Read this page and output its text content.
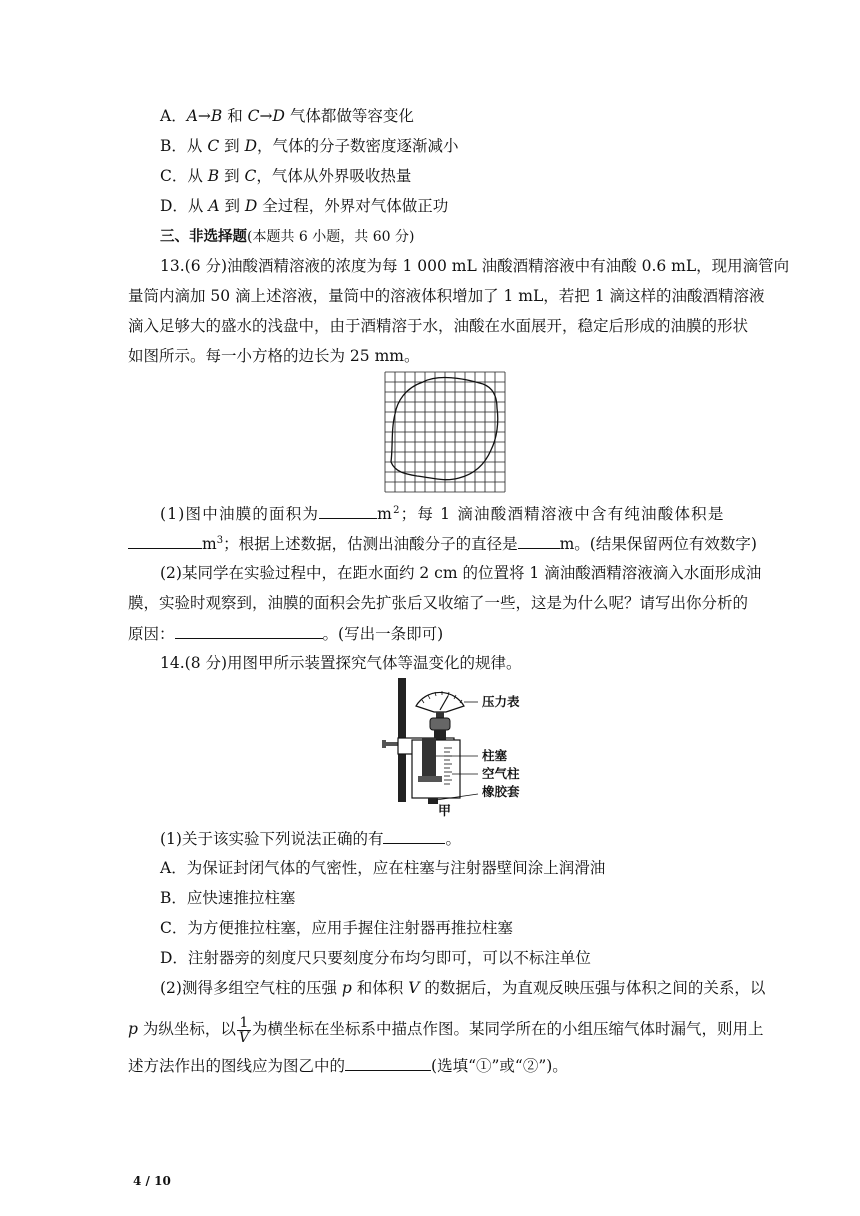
A．A→B 和 C→D 气体都做等容变化
B．从 C 到 D，气体的分子数密度逐渐减小
C．从 B 到 C，气体从外界吸收热量
D．从 A 到 D 全过程，外界对气体做正功
三、非选择题(本题共 6 小题，共 60 分)
13.(6 分)油酸酒精溶液的浓度为每 1 000 mL 油酸酒精溶液中有油酸 0.6 mL，现用滴管向
量筒内滴加 50 滴上述溶液，量筒中的溶液体积增加了 1 mL，若把 1 滴这样的油酸酒精溶液
滴入足够大的盛水的浅盘中，由于酒精溶于水，油酸在水面展开，稳定后形成的油膜的形状
如图所示。每一小方格的边长为 25 mm。
(1)图中油膜的面积为	$m^2$；每 1 滴油酸酒精溶液中含有纯油酸体积是
$m^3$；根据上述数据，估测出油酸分子的直径是	m。(结果保留两位有效数字)
(2)某同学在实验过程中，在距水面约 2 cm 的位置将 1 滴油酸酒精溶液滴入水面形成油
膜，实验时观察到，油膜的面积会先扩张后又收缩了一些，这是为什么呢？请写出你分析的
原因：	。(写出一条即可)
14.(8 分)用图甲所示装置探究气体等温变化的规律。
压力表
柱塞
空气柱
橡胶套
甲
(1)关于该实验下列说法正确的有	。
A．为保证封闭气体的气密性，应在柱塞与注射器壁间涂上润滑油
B．应快速推拉柱塞
C．为方便推拉柱塞，应用手握住注射器再推拉柱塞
D．注射器旁的刻度尺只要刻度分布均匀即可，可以不标注单位
(2)测得多组空气柱的压强 p 和体积 V 的数据后，为直观反映压强与体积之间的关系，以
p 为纵坐标，以 $\frac{1}{V}$ 为横坐标在坐标系中描点作图。某同学所在的小组压缩气体时漏气，则用上
述方法作出的图线应为图乙中的	(选填“①”或“②”)。
4 / 10
